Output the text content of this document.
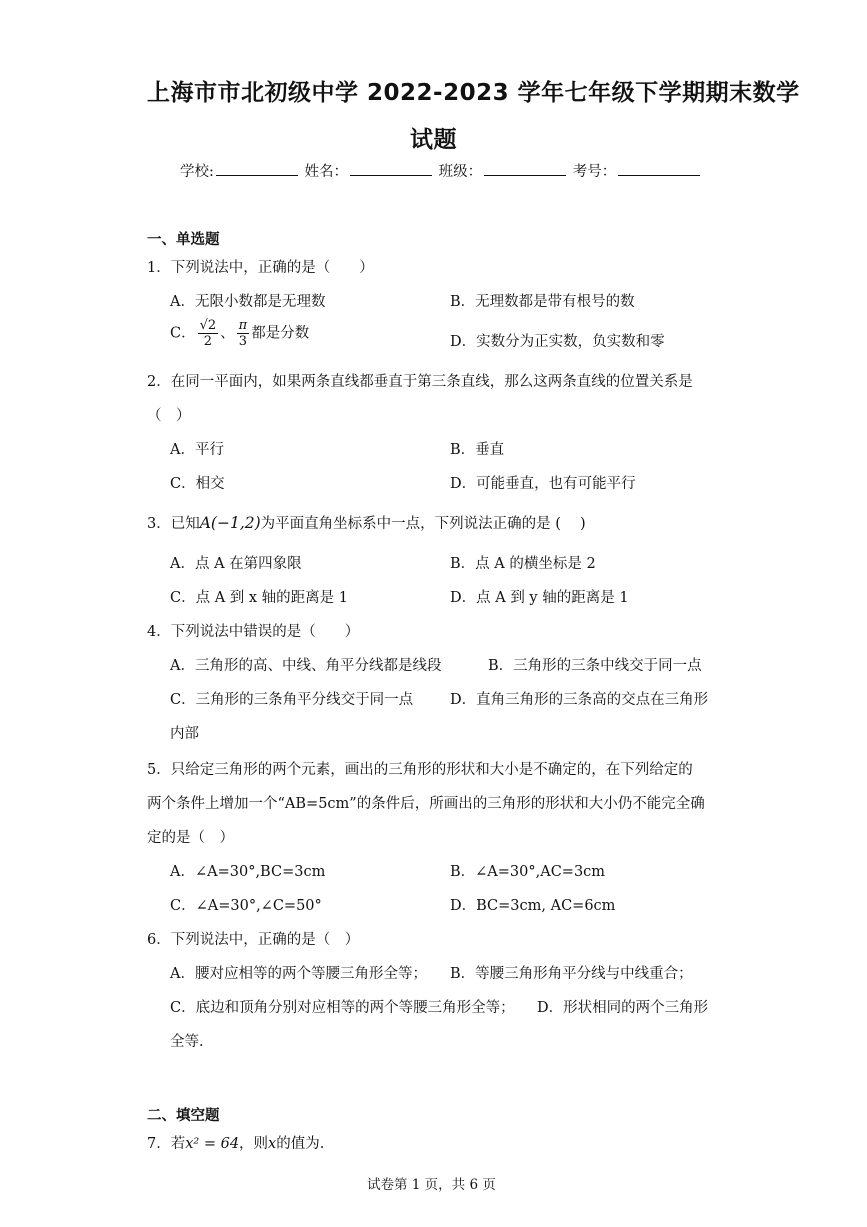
上海市市北初级中学 2022-2023 学年七年级下学期期末数学
试题
学校:	姓名：	班级：	考号：
一、单选题
1．下列说法中，正确的是（　　）
A．无限小数都是无理数	B．无理数都是带有根号的数
C． $\frac{√2}{2}$ 、 $\frac{\pi}{3}$ 都是分数
D．实数分为正实数，负实数和零
2．在同一平面内，如果两条直线都垂直于第三条直线，那么这两条直线的位置关系是
（　）
A．平行	B．垂直
C．相交	D．可能垂直，也有可能平行
3．已知A(−1,2)为平面直角坐标系中一点，下列说法正确的是 (　 )
A．点 A 在第四象限	B．点 A 的横坐标是 2
C．点 A 到 x 轴的距离是 1	D．点 A 到 y 轴的距离是 1
4．下列说法中错误的是（　　）
A．三角形的高、中线、角平分线都是线段	B．三角形的三条中线交于同一点
C．三角形的三条角平分线交于同一点	D．直角三角形的三条高的交点在三角形
内部
5．只给定三角形的两个元素，画出的三角形的形状和大小是不确定的，在下列给定的
两个条件上增加一个“AB=5cm”的条件后，所画出的三角形的形状和大小仍不能完全确
定的是（　）
A．∠A=30°,BC=3cm	B．∠A=30°,AC=3cm
C．∠A=30°,∠C=50°	D．BC=3cm, AC=6cm
6．下列说法中，正确的是（　）
A．腰对应相等的两个等腰三角形全等； B．等腰三角形角平分线与中线重合；
C．底边和顶角分别对应相等的两个等腰三角形全等； D．形状相同的两个三角形
全等.
二、填空题
7．若x² = 64，则x的值为.
试卷第 1 页，共 6 页
